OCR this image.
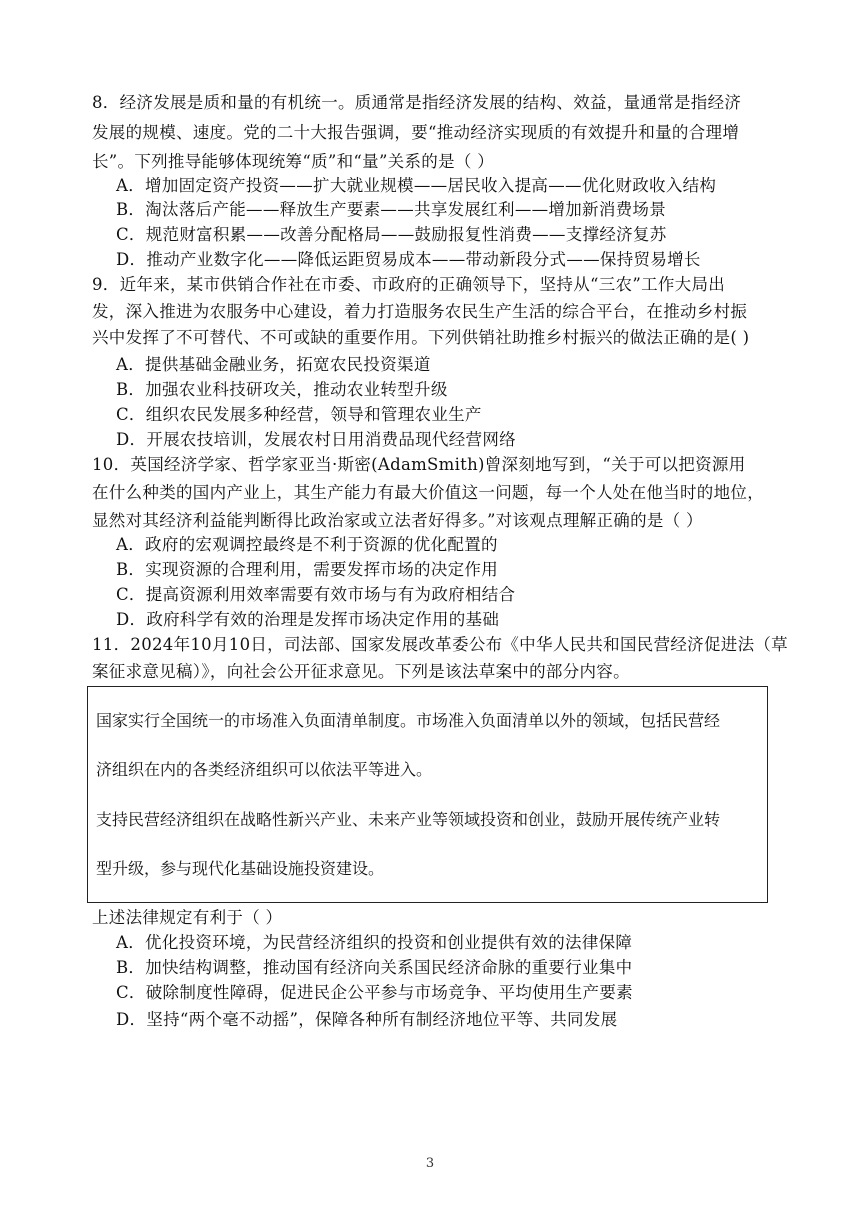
8．经济发展是质和量的有机统一。质通常是指经济发展的结构、效益，量通常是指经济
发展的规模、速度。党的二十大报告强调，要“推动经济实现质的有效提升和量的合理增
长”。下列推导能够体现统筹“质”和“量”关系的是（ ）
A．增加固定资产投资——扩大就业规模——居民收入提高——优化财政收入结构
B．淘汰落后产能——释放生产要素——共享发展红利——增加新消费场景
C．规范财富积累——改善分配格局——鼓励报复性消费——支撑经济复苏
D．推动产业数字化——降低运距贸易成本——带动新段分式——保持贸易增长
9．近年来，某市供销合作社在市委、市政府的正确领导下，坚持从“三农”工作大局出
发，深入推进为农服务中心建设，着力打造服务农民生产生活的综合平台，在推动乡村振
兴中发挥了不可替代、不可或缺的重要作用。下列供销社助推乡村振兴的做法正确的是( )
A．提供基础金融业务，拓宽农民投资渠道
B．加强农业科技研攻关，推动农业转型升级
C．组织农民发展多种经营，领导和管理农业生产
D．开展农技培训，发展农村日用消费品现代经营网络
10．英国经济学家、哲学家亚当·斯密(AdamSmith)曾深刻地写到，“关于可以把资源用
在什么种类的国内产业上，其生产能力有最大价值这一问题，每一个人处在他当时的地位，
显然对其经济利益能判断得比政治家或立法者好得多。”对该观点理解正确的是（ ）
A．政府的宏观调控最终是不利于资源的优化配置的
B．实现资源的合理利用，需要发挥市场的决定作用
C．提高资源利用效率需要有效市场与有为政府相结合
D．政府科学有效的治理是发挥市场决定作用的基础
11．2024年10月10日，司法部、国家发展改革委公布《中华人民共和国民营经济促进法（草
案征求意见稿）》，向社会公开征求意见。下列是该法草案中的部分内容。
国家实行全国统一的市场准入负面清单制度。市场准入负面清单以外的领域，包括民营经
济组织在内的各类经济组织可以依法平等进入。
支持民营经济组织在战略性新兴产业、未来产业等领域投资和创业，鼓励开展传统产业转
型升级，参与现代化基础设施投资建设。
上述法律规定有利于（ ）
A．优化投资环境，为民营经济组织的投资和创业提供有效的法律保障
B．加快结构调整，推动国有经济向关系国民经济命脉的重要行业集中
C．破除制度性障碍，促进民企公平参与市场竞争、平均使用生产要素
D．坚持“两个毫不动摇”，保障各种所有制经济地位平等、共同发展
3
